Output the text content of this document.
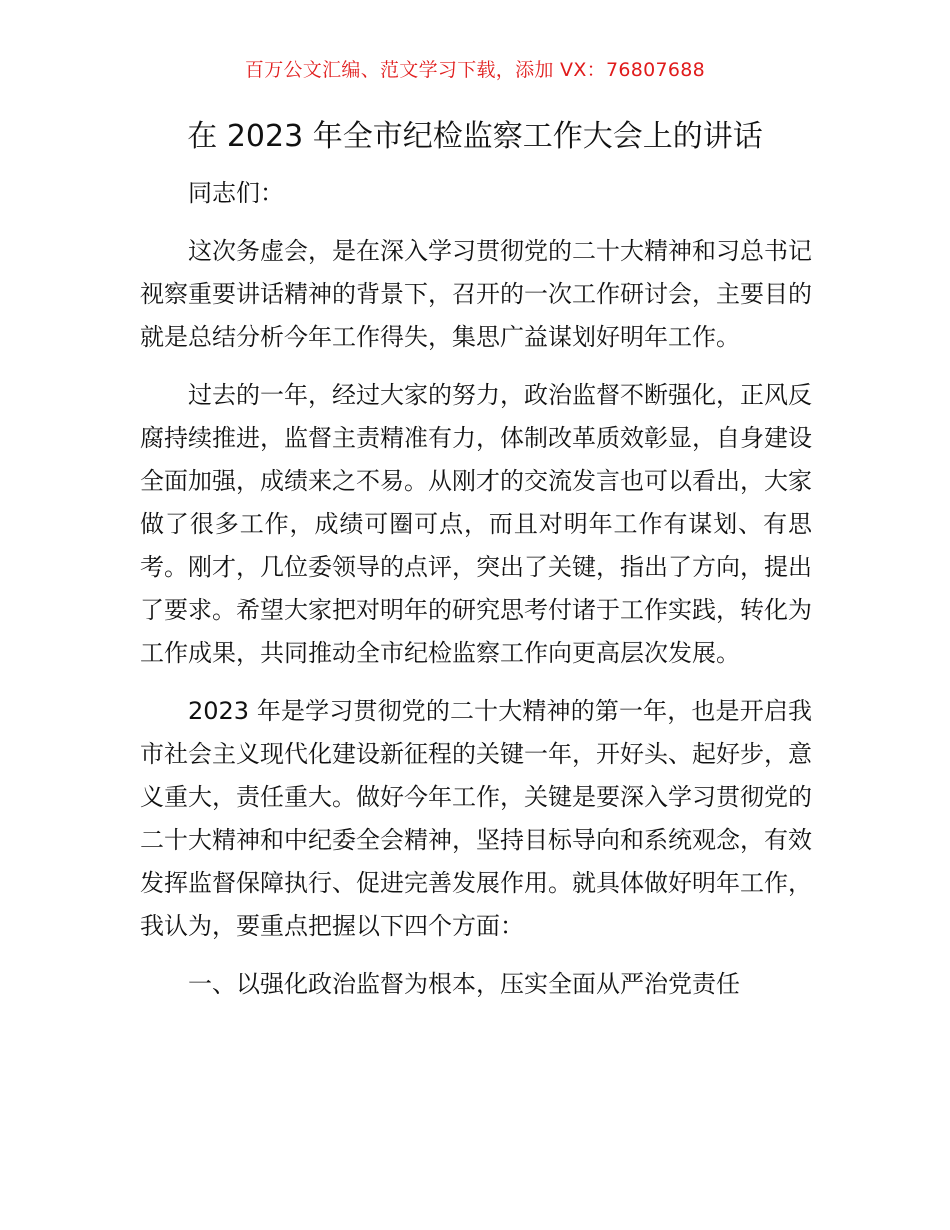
百万公文汇编、范文学习下载，添加 VX：76807688
在 2023 年全市纪检监察工作大会上的讲话

同志们：

这次务虚会，是在深入学习贯彻党的二十大精神和习总书记视察重要讲话精神的背景下，召开的一次工作研讨会，主要目的就是总结分析今年工作得失，集思广益谋划好明年工作。

过去的一年，经过大家的努力，政治监督不断强化，正风反腐持续推进，监督主责精准有力，体制改革质效彰显，自身建设全面加强，成绩来之不易。从刚才的交流发言也可以看出，大家做了很多工作，成绩可圈可点，而且对明年工作有谋划、有思考。刚才，几位委领导的点评，突出了关键，指出了方向，提出了要求。希望大家把对明年的研究思考付诸于工作实践，转化为工作成果，共同推动全市纪检监察工作向更高层次发展。

2023 年是学习贯彻党的二十大精神的第一年，也是开启我市社会主义现代化建设新征程的关键一年，开好头、起好步，意义重大，责任重大。做好今年工作，关键是要深入学习贯彻党的二十大精神和中纪委全会精神，坚持目标导向和系统观念，有效发挥监督保障执行、促进完善发展作用。就具体做好明年工作，我认为，要重点把握以下四个方面：

一、以强化政治监督为根本，压实全面从严治党责任
